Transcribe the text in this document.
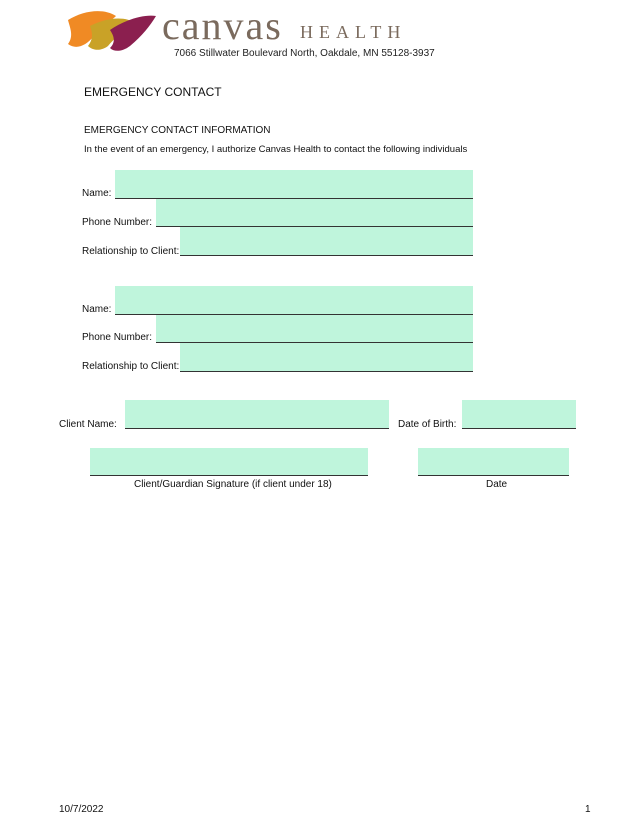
canvas HEALTH
7066 Stillwater Boulevard North, Oakdale, MN 55128-3937
EMERGENCY CONTACT
EMERGENCY CONTACT INFORMATION
In the event of an emergency, I authorize Canvas Health to contact the following individuals
Name:
Phone Number:
Relationship to Client:
Name:
Phone Number:
Relationship to Client:
Client Name:	Date of Birth:
Client/Guardian Signature (if client under 18)	Date
10/7/2022	1
